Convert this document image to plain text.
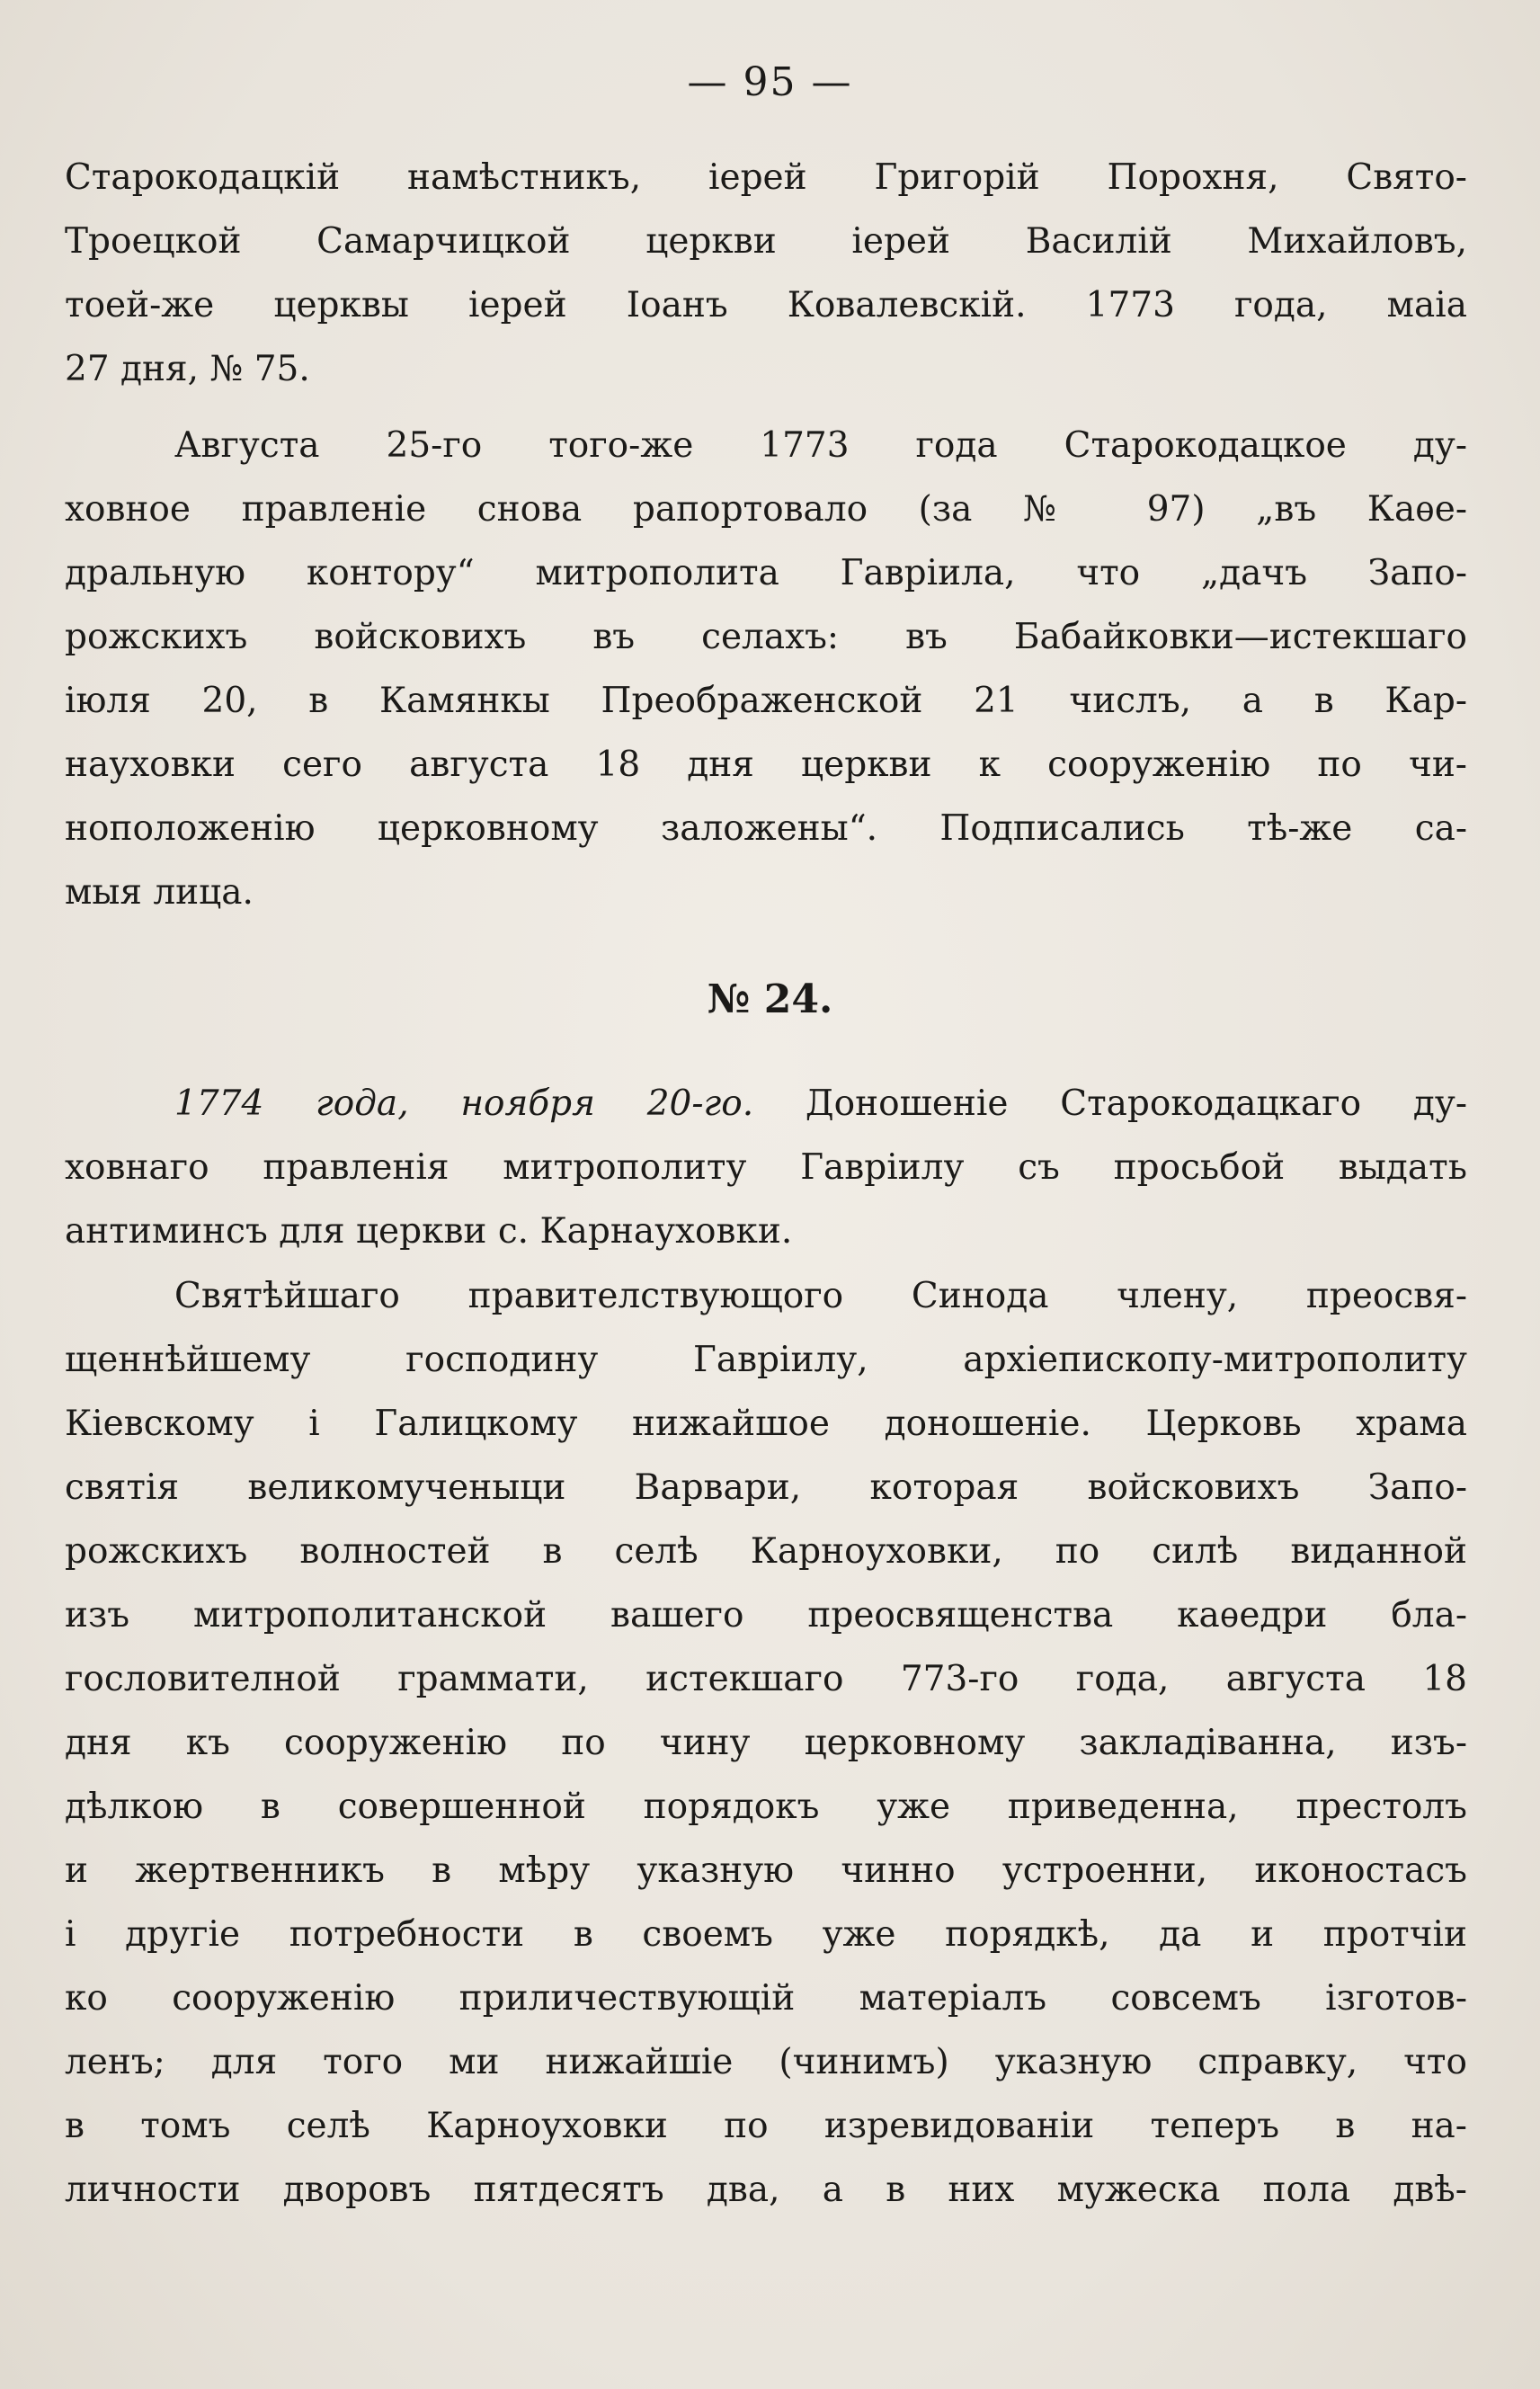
— 95 —
Старокодацкій намѣстникъ, іерей Григорій Порохня, Свято-
Троецкой Самарчицкой церкви іерей Василій Михайловъ,
тоей-же церквы іерей Іоанъ Ковалевскій. 1773 года, маіа
27 дня, № 75.
Августа 25-го того-же 1773 года Старокодацкое ду-
ховное правленіе снова рапортовало (за № 97) „въ Каѳе-
дральную контору“ митрополита Гавріила, что „дачъ Запо-
рожскихъ войсковихъ въ селахъ: въ Бабайковки—истекшаго
іюля 20, в Камянкы Преображенской 21 числъ, а в Кар-
науховки сего августа 18 дня церкви к сооруженію по чи-
ноположенію церковному заложены“. Подписались тѣ-же са-
мыя лица.
№ 24.
1774 года, ноября 20-го. Доношеніе Старокодацкаго ду-
ховнаго правленія митрополиту Гавріилу съ просьбой выдать
антиминсъ для церкви с. Карнауховки.
Святѣйшаго правителствующого Синода члену, преосвя-
щеннѣйшему господину Гавріилу, архіепископу-митрополиту
Кіевскому і Галицкому нижайшое доношеніе. Церковь храма
святія великомученыци Варвари, которая войсковихъ Запо-
рожскихъ волностей в селѣ Карноуховки, по силѣ виданной
изъ митрополитанской вашего преосвященства каѳедри бла-
гословителной граммати, истекшаго 773-го года, августа 18
дня къ сооруженію по чину церковному закладіванна, изъ-
дѣлкою в совершенной порядокъ уже приведенна, престолъ
и жертвенникъ в мѣру указную чинно устроенни, иконостасъ
і другіе потребности в своемъ уже порядкѣ, да и протчіи
ко сооруженію приличествующій матеріалъ совсемъ ізготов-
ленъ; для того ми нижайшіе (чинимъ) указную справку, что
в томъ селѣ Карноуховки по изревидованіи теперъ в на-
личности дворовъ пятдесятъ два, а в них мужеска пола двѣ-
